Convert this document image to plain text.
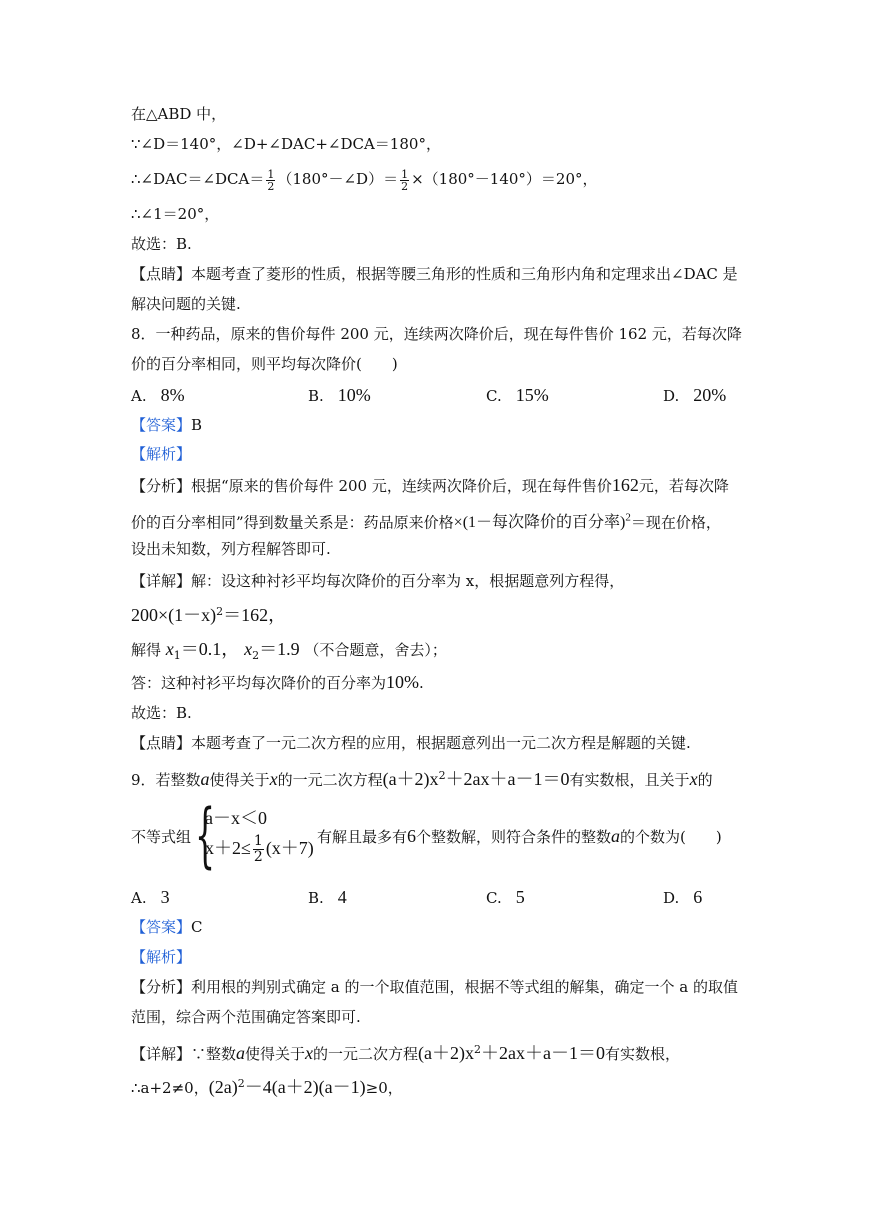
在△ABD 中，
∵∠D＝140°，∠D+∠DAC+∠DCA＝180°，
∴∠DAC＝∠DCA＝ $\frac{1}{2}$ （180°－∠D）＝ $\frac{1}{2} \times(180^\circ-140^\circ)=20^\circ$，
∴∠1＝20°，
故选：B.
【点睛】本题考查了菱形的性质，根据等腰三角形的性质和三角形内角和定理求出∠DAC 是
解决问题的关键.
8．一种药品，原来的售价每件 200 元，连续两次降价后，现在每件售价 162 元，若每次降
价的百分率相同，则平均每次降价(　　)
A. 8%	B. 10%	C. 15%	D. 20%
【答案】B
【解析】
【分析】根据“原来的售价每件 200 元，连续两次降价后，现在每件售价162元，若每次降
价的百分率相同”得到数量关系是：药品原来价格×(1－每次降价的百分率)$^2$＝现在价格，
设出未知数，列方程解答即可.
【详解】解：设这种衬衫平均每次降价的百分率为 x，根据题意列方程得，
$200\times(1-x)^2=162$，
解得 $x_1=0.1$， $x_2=1.9$ （不合题意，舍去）；
答：这种衬衫平均每次降价的百分率为10%.
故选：B.
【点睛】本题考查了一元二次方程的应用，根据题意列出一元二次方程是解题的关键.
9．若整数a使得关于x的一元二次方程$(a+2)x^2+2ax+a-1=0$有实数根，且关于x的
不等式组 {
a－x＜0
$x+2\le \frac{1}{2} (x+7)$
有解且最多有6个整数解，则符合条件的整数a的个数为(　　)
A. 3	B. 4	C. 5	D. 6
【答案】C
【解析】
【分析】利用根的判别式确定 a 的一个取值范围，根据不等式组的解集，确定一个 a 的取值
范围，综合两个范围确定答案即可.
【详解】∵整数a使得关于x的一元二次方程$(a+2)x^2+2ax+a-1=0$有实数根，
∴a+2≠0，$(2a)^2-4(a+2)(a-1)\ge 0$，
